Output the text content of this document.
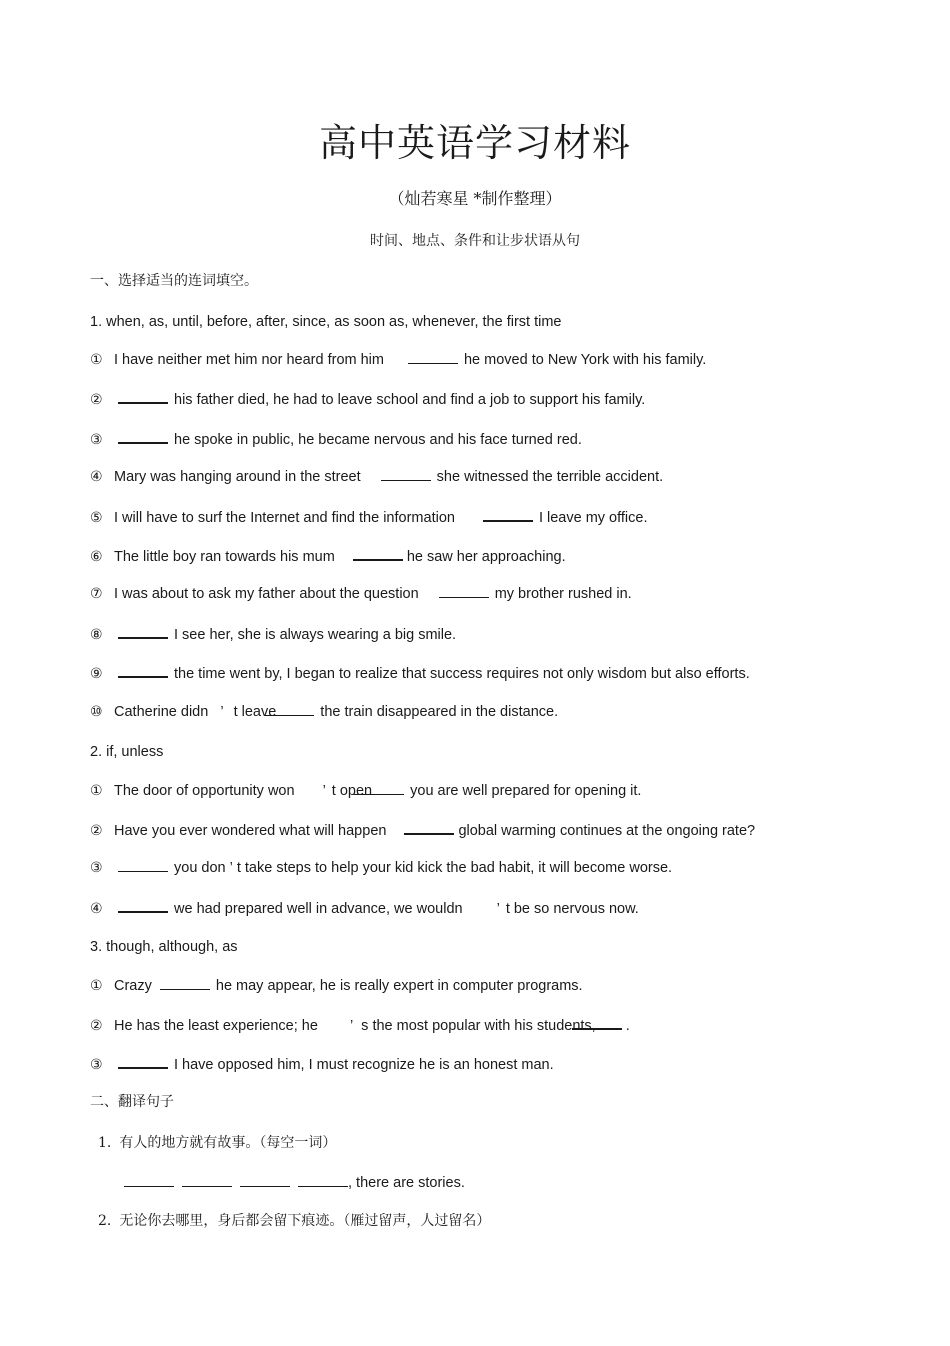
高中英语学习材料
（灿若寒星 *制作整理）
时间、地点、条件和让步状语从句
一、选择适当的连词填空。
1. when, as, until, before, after, since, as soon as, whenever, the first time
① I have neither met him nor heard from him	he moved to New York with his family.
②	his father died, he had to leave school and find a job to support his family.
③	he spoke in public, he became nervous and his face turned red.
④ Mary was hanging around in the street	she witnessed the terrible accident.
⑤ I will have to surf the Internet and find the information	I leave my office.
⑥ The little boy ran towards his mum	he saw her approaching.
⑦ I was about to ask my father about the question	my brother rushed in.
⑧	I see her, she is always wearing a big smile.
⑨	the time went by, I began to realize that success requires not only wisdom but also efforts.
⑩ Catherine didn ’ t leave	the train disappeared in the distance.
2. if, unless
① The door of opportunity won ’ t open	you are well prepared for opening it.
② Have you ever wondered what will happen	global warming continues at the ongoing rate?
③	you don ’ t take steps to help your kid kick the bad habit, it will become worse.
④	we had prepared well in advance, we wouldn ’ t be so nervous now.
3. though, although, as
① Crazy	he may appear, he is really expert in computer programs.
② He has the least experience; he ’ s the most popular with his students, .
③	I have opposed him, I must recognize he is an honest man.
二、翻译句子
1. 有人的地方就有故事。（每空一词）
, there are stories.
2. 无论你去哪里，身后都会留下痕迹。（雁过留声，人过留名）
